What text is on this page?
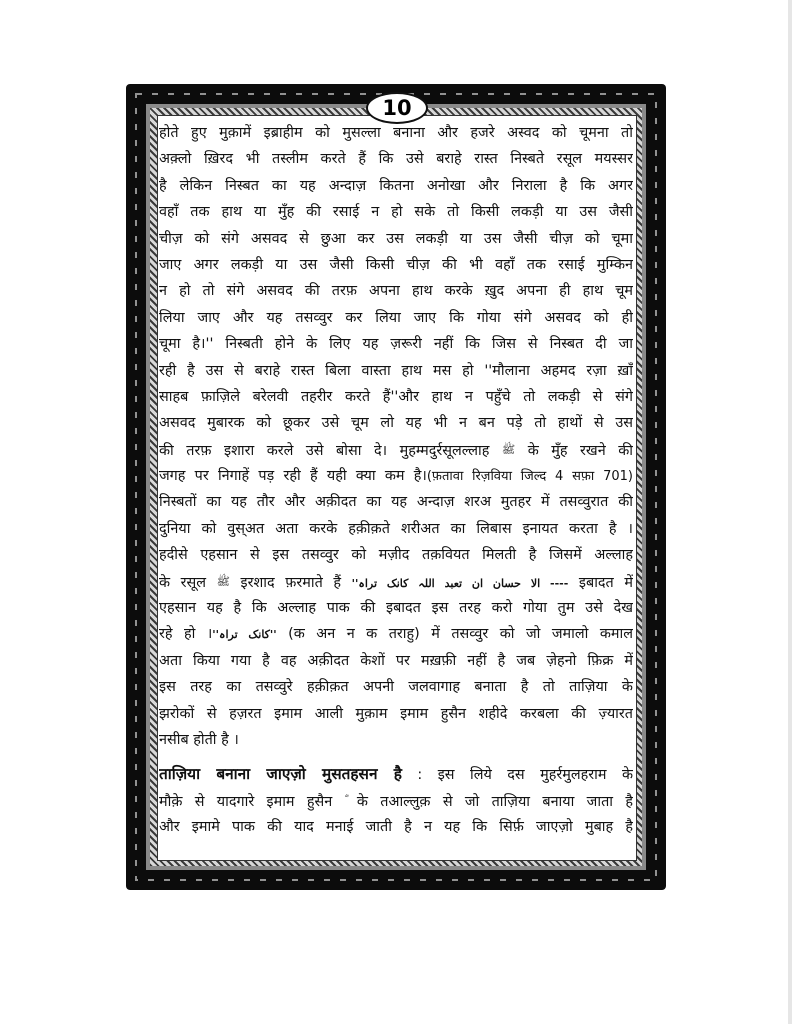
10
होते हुए मुक़ामें इब्राहीम को मुसल्ला बनाना और हजरे अस्वद को चूमना तो
अक़्लो ख़िरद भी तस्लीम करते हैं कि उसे बराहे रास्त निस्बते रसूल मयस्सर
है लेकिन निस्बत का यह अन्दाज़ कितना अनोखा और निराला है कि अगर
वहाँ तक हाथ या मुँह की रसाई न हो सके तो किसी लकड़ी या उस जैसी
चीज़ को संगे असवद से छुआ कर उस लकड़ी या उस जैसी चीज़ को चूमा
जाए अगर लकड़ी या उस जैसी किसी चीज़ की भी वहाँ तक रसाई मुम्किन
न हो तो संगे असवद की तरफ़ अपना हाथ करके ख़ुद अपना ही हाथ चूम
लिया जाए और यह तसव्वुर कर लिया जाए कि गोया संगे असवद को ही
चूमा है।'' निस्बती होने के लिए यह ज़रूरी नहीं कि जिस से निस्बत दी जा
रही है उस से बराहे रास्त बिला वास्ता हाथ मस हो ''मौलाना अहमद रज़ा ख़ाँ
साहब फ़ाज़िले बरेलवी तहरीर करते हैं''और हाथ न पहुँचे तो लकड़ी से संगे
असवद मुबारक को छूकर उसे चूम लो यह भी न बन पड़े तो हाथों से उस
की तरफ़ इशारा करले उसे बोसा दे। मुहम्मदुर्रसूलल्लाह ﷺ के मुँह रखने की
जगह पर निगाहें पड़ रही हैं यही क्या कम है।(फ़तावा रिज़विया जिल्द 4 सफ़ा 701)
निस्बतों का यह तौर और अक़ीदत का यह अन्दाज़ शरअ मुतहर में तसव्वुरात की
दुनिया को वुस्अत अता करके हक़ीक़ते शरीअत का लिबास इनायत करता है ।
हदीसे एहसान से इस तसव्वुर को मज़ीद तक़वियत मिलती है जिसमें अल्लाह
के रसूल ﷺ इरशाद फ़रमाते हैं ''الا حسان ان تعبد اللہ کانک تراہ ---- इबादत में
एहसान यह है कि अल्लाह पाक की इबादत इस तरह करो गोया तुम उसे देख
रहे हो ।''کانک تراہ'' (क अन न क तराहु) में तसव्वुर को जो जमालो कमाल
अता किया गया है वह अक़ीदत केशों पर मख़फ़ी नहीं है जब ज़ेहनो फ़िक्र में
इस तरह का तसव्वुरे हक़ीक़त अपनी जलवागाह बनाता है तो ताज़िया के
झरोकों से हज़रत इमाम आली मुक़ाम इमाम हुसैन शहीदे करबला की ज़्यारत
नसीब होती है ।
ताज़िया बनाना जाएज़ो मुसतहसन है : इस लिये दस मुहर्रमुलहराम के
मौक़े से यादगारे इमाम हुसैन  के तआल्लुक़ से जो ताज़िया बनाया जाता है
और इमामे पाक की याद मनाई जाती है न यह कि सिर्फ़ जाएज़ो मुबाह है
